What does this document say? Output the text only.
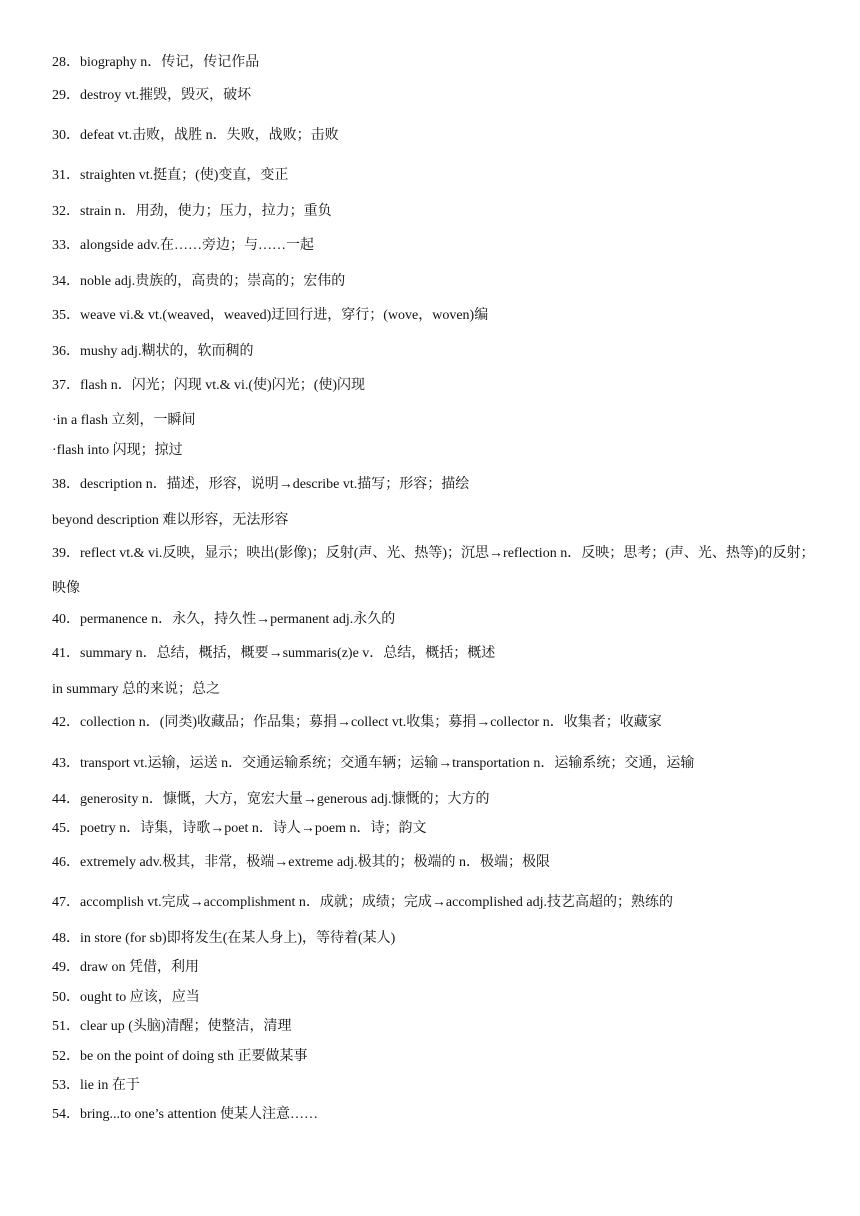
28．biography n．传记，传记作品
29．destroy vt.摧毁，毁灭，破坏
30．defeat vt.击败，战胜 n．失败，战败；击败
31．straighten vt.挺直；(使)变直，变正
32．strain n．用劲，使力；压力，拉力；重负
33．alongside adv.在……旁边；与……一起
34．noble adj.贵族的，高贵的；崇高的；宏伟的
35．weave vi.& vt.(weaved，weaved)迂回行进，穿行；(wove，woven)编
36．mushy adj.糊状的，软而稠的
37．flash n．闪光；闪现 vt.& vi.(使)闪光；(使)闪现
·in a flash 立刻，一瞬间
·flash into 闪现；掠过
38．description n．描述，形容，说明→describe vt.描写；形容；描绘
beyond description 难以形容，无法形容
39．reflect vt.& vi.反映，显示；映出(影像)；反射(声、光、热等)；沉思→reflection n．反映；思考；(声、光、热等)的反射；映像
40．permanence n．永久，持久性→permanent adj.永久的
41．summary n．总结，概括，概要→summaris(z)e v．总结，概括；概述
in summary 总的来说；总之
42．collection n．(同类)收藏品；作品集；募捐→collect vt.收集；募捐→collector n．收集者；收藏家
43．transport vt.运输，运送 n．交通运输系统；交通车辆；运输→transportation n．运输系统；交通，运输
44．generosity n．慷慨，大方，宽宏大量→generous adj.慷慨的；大方的
45．poetry n．诗集，诗歌→poet n．诗人→poem n．诗；韵文
46．extremely adv.极其，非常，极端→extreme adj.极其的；极端的 n．极端；极限
47．accomplish vt.完成→accomplishment n．成就；成绩；完成→accomplished adj.技艺高超的；熟练的
48．in store (for sb)即将发生(在某人身上)，等待着(某人)
49．draw on 凭借，利用
50．ought to 应该，应当
51．clear up (头脑)清醒；使整洁，清理
52．be on the point of doing sth 正要做某事
53．lie in 在于
54．bring...to one’s attention 使某人注意……
